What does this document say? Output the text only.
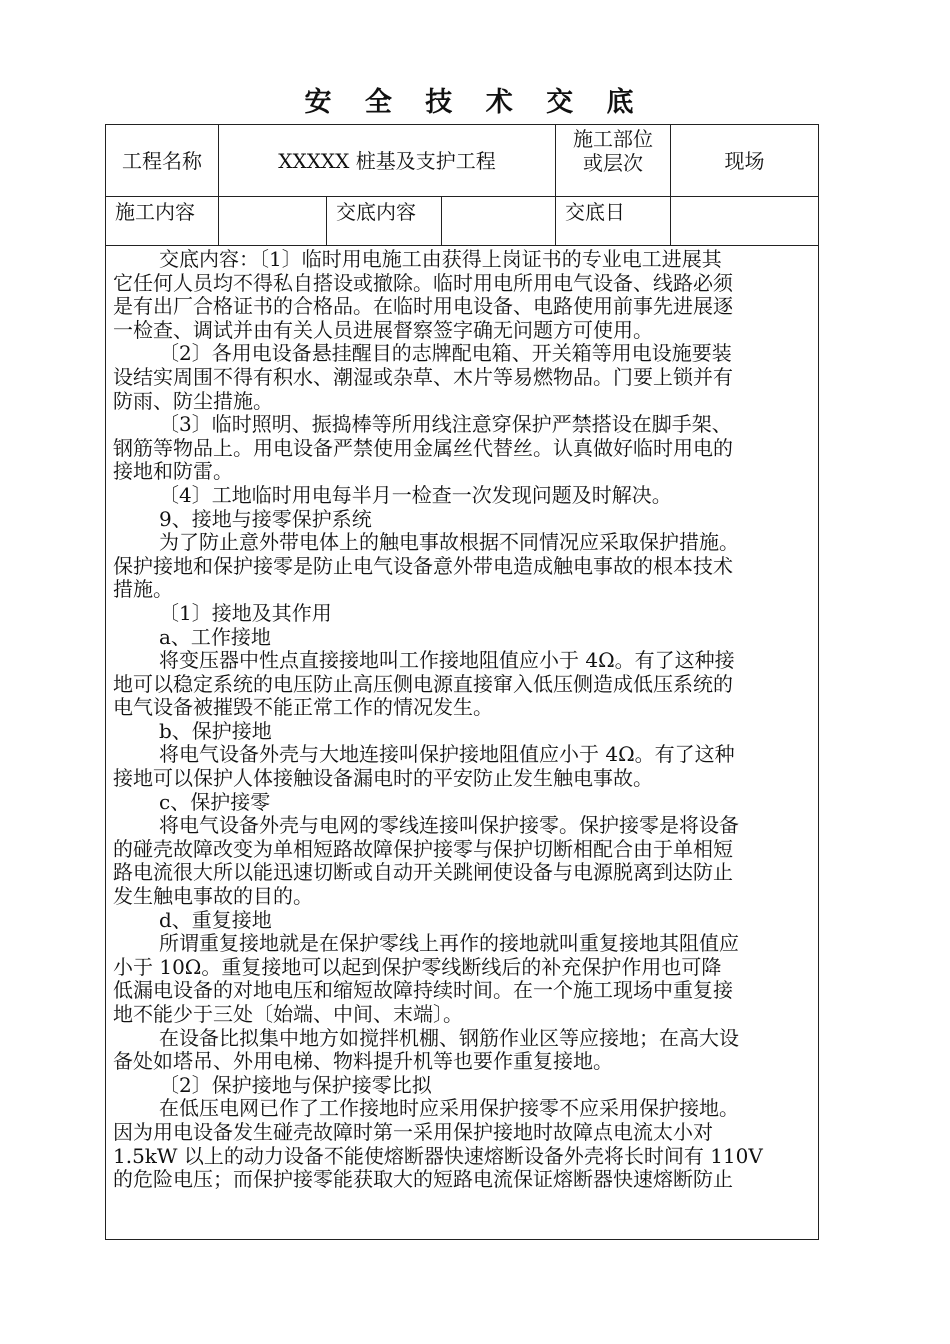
安 全 技 术 交 底
工程名称	XXXXX 桩基及支护工程
施工部位
或层次	现场
施工内容	交底内容	交底日

交底内容：〔1〕临时用电施工由获得上岗证书的专业电工进展其

它任何人员均不得私自搭设或撤除。临时用电所用电气设备、线路必须

是有出厂合格证书的合格品。在临时用电设备、电路使用前事先进展逐

一检查、调试并由有关人员进展督察签字确无问题方可使用。

〔2〕各用电设备悬挂醒目的志牌配电箱、开关箱等用电设施要装

设结实周围不得有积水、潮湿或杂草、木片等易燃物品。门要上锁并有

防雨、防尘措施。

〔3〕临时照明、振捣棒等所用线注意穿保护严禁搭设在脚手架、

钢筋等物品上。用电设备严禁使用金属丝代替丝。认真做好临时用电的

接地和防雷。

〔4〕工地临时用电每半月一检查一次发现问题及时解决。

9、接地与接零保护系统

为了防止意外带电体上的触电事故根据不同情况应采取保护措施。

保护接地和保护接零是防止电气设备意外带电造成触电事故的根本技术

措施。

〔1〕接地及其作用

a、工作接地

将变压器中性点直接接地叫工作接地阻值应小于 4Ω。有了这种接

地可以稳定系统的电压防止高压侧电源直接窜入低压侧造成低压系统的

电气设备被摧毁不能正常工作的情况发生。

b、保护接地

将电气设备外壳与大地连接叫保护接地阻值应小于 4Ω。有了这种

接地可以保护人体接触设备漏电时的平安防止发生触电事故。

c、保护接零

将电气设备外壳与电网的零线连接叫保护接零。保护接零是将设备

的碰壳故障改变为单相短路故障保护接零与保护切断相配合由于单相短

路电流很大所以能迅速切断或自动开关跳闸使设备与电源脱离到达防止

发生触电事故的目的。

d、重复接地

所谓重复接地就是在保护零线上再作的接地就叫重复接地其阻值应

小于 10Ω。重复接地可以起到保护零线断线后的补充保护作用也可降

低漏电设备的对地电压和缩短故障持续时间。在一个施工现场中重复接

地不能少于三处〔始端、中间、末端〕。

在设备比拟集中地方如搅拌机棚、钢筋作业区等应接地；在高大设

备处如塔吊、外用电梯、物料提升机等也要作重复接地。

〔2〕保护接地与保护接零比拟

在低压电网已作了工作接地时应采用保护接零不应采用保护接地。

因为用电设备发生碰壳故障时第一采用保护接地时故障点电流太小对

1.5kW 以上的动力设备不能使熔断器快速熔断设备外壳将长时间有 110V

的危险电压；而保护接零能获取大的短路电流保证熔断器快速熔断防止
